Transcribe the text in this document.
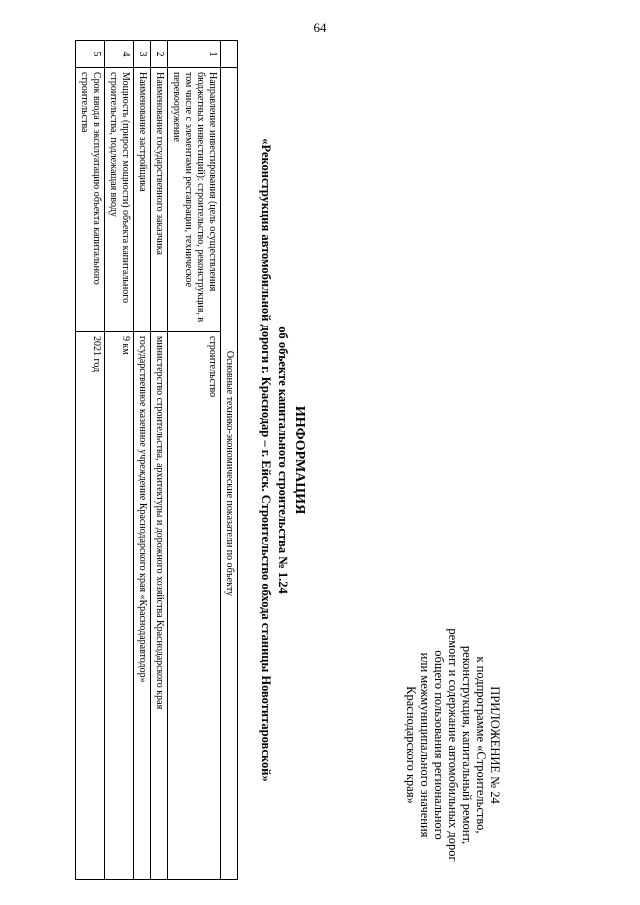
64
ПРИЛОЖЕНИЕ № 24
к подпрограмме «Строительство,
реконструкция, капитальный ремонт,
ремонт и содержание автомобильных дорог
общего пользования регионального
или межмуниципального значения
Краснодарского края»
ИНФОРМАЦИЯ
об объекте капитального строительства № 1.24
«Реконструкция автомобильной дороги г. Краснодар – г. Ейск. Строительство обхода станицы Новотитаровской»
	Основные технико-экономические показатели по объекту	
1	Направление инвестирования (цель осуществления бюджетных инвестиций): строительство, реконструкция, в том числе с элементами реставрации, техническое перевооружение	строительство
2	Наименование государственного заказчика	министерство строительства, архитектуры и дорожного хозяйства Краснодарского края
3	Наименование застройщика	государственное казенное учреждение Краснодарского края «Краснодаравтодор»
4	Мощность (прирост мощности) объекта капитального строительства, подлежащая вводу	9 км
5	Срок ввода в эксплуатацию объекта капитального строительства	2021 год
